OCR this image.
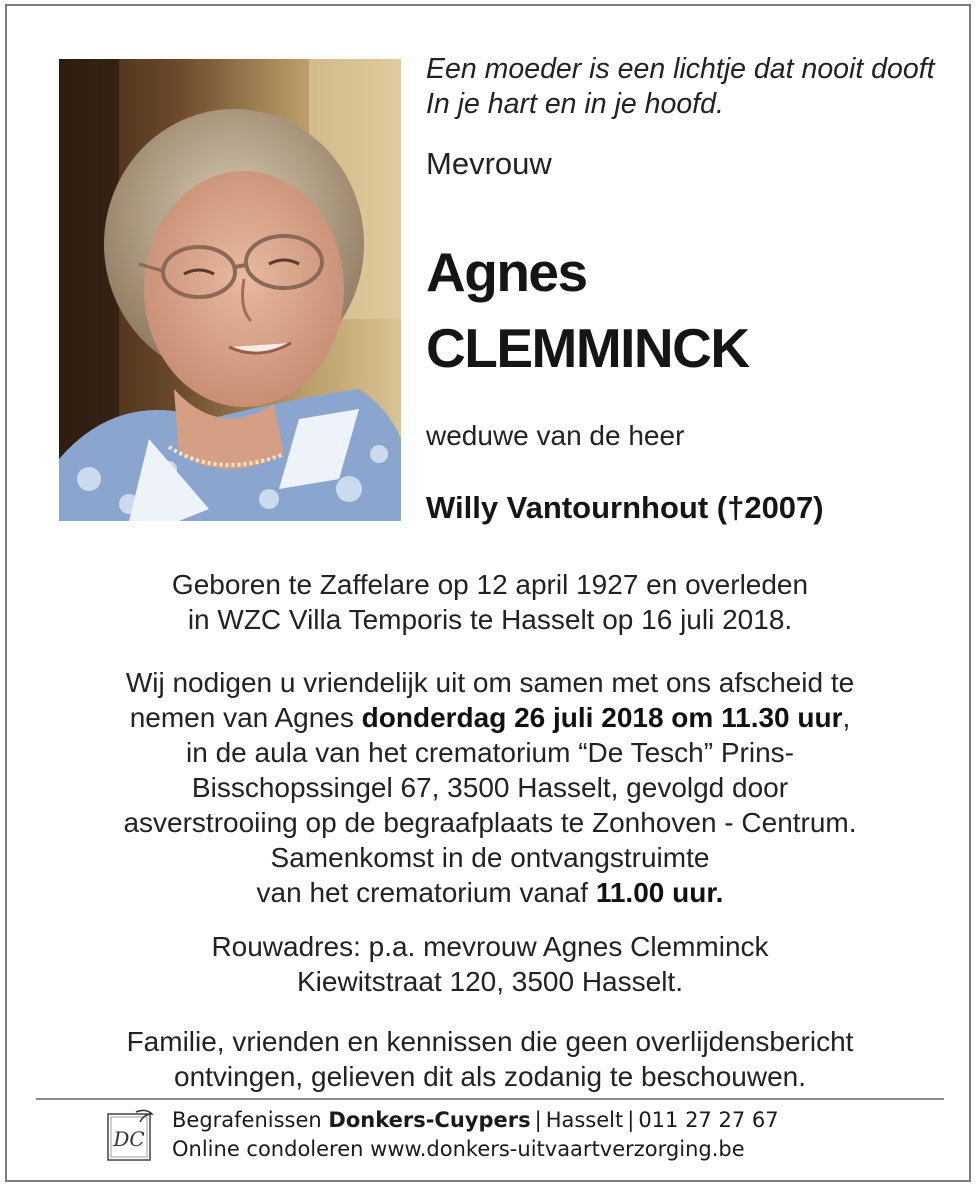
Een moeder is een lichtje dat nooit dooft In je hart en in je hoofd.
Mevrouw
Agnes
CLEMMINCK
weduwe van de heer
Willy Vantournhout (†2007)
Geboren te Zaffelare op 12 april 1927 en overleden
in WZC Villa Temporis te Hasselt op 16 juli 2018.
Wij nodigen u vriendelijk uit om samen met ons afscheid te
nemen van Agnes donderdag 26 juli 2018 om 11.30 uur,
in de aula van het crematorium “De Tesch” Prins-
Bisschopssingel 67, 3500 Hasselt, gevolgd door
asverstrooiing op de begraafplaats te Zonhoven - Centrum.
Samenkomst in de ontvangstruimte
van het crematorium vanaf 11.00 uur.
Rouwadres: p.a. mevrouw Agnes Clemminck
Kiewitstraat 120, 3500 Hasselt.
Familie, vrienden en kennissen die geen overlijdensbericht
ontvingen, gelieven dit als zodanig te beschouwen.
DC
Begrafenissen Donkers-Cuypers | Hasselt | 011 27 27 67
Online condoleren www.donkers-uitvaartverzorging.be
